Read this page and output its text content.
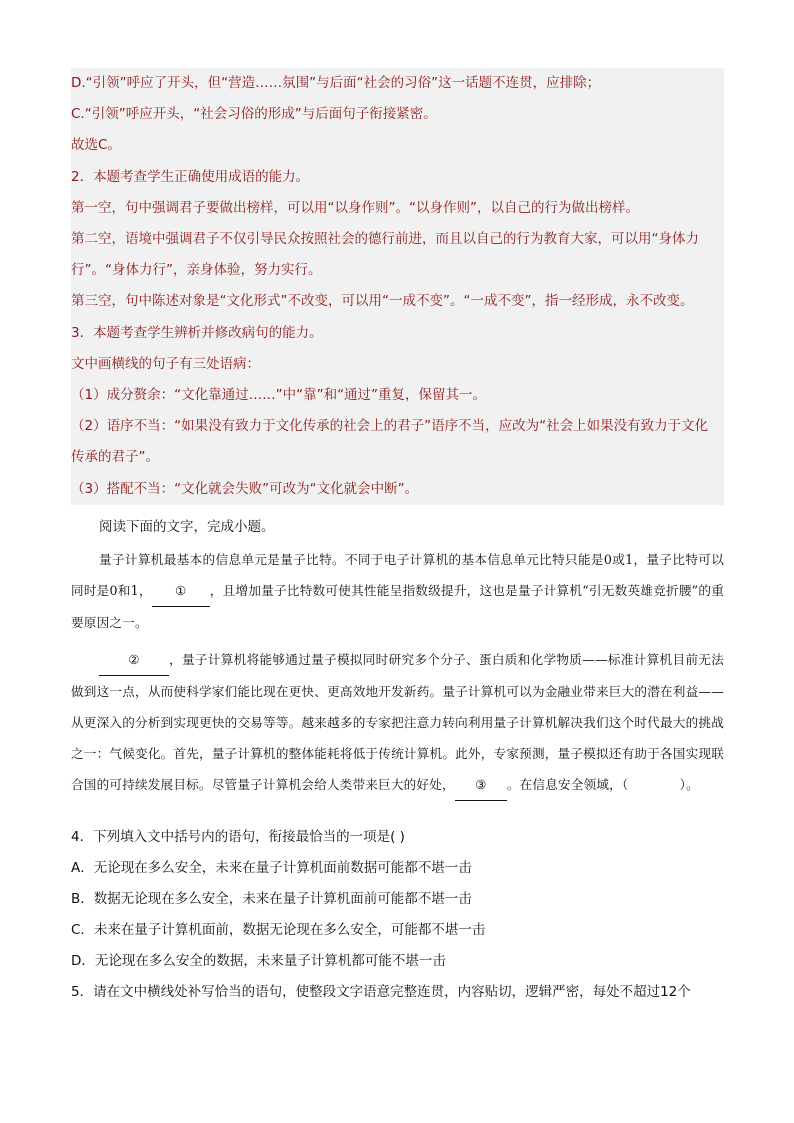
D.“引领”呼应了开头，但“营造……氛围”与后面“社会的习俗”这一话题不连贯，应排除；
C.“引领”呼应开头，“社会习俗的形成”与后面句子衔接紧密。
故选C。
2．本题考查学生正确使用成语的能力。
第一空，句中强调君子要做出榜样，可以用“以身作则”。“以身作则”，以自己的行为做出榜样。
第二空，语境中强调君子不仅引导民众按照社会的德行前进，而且以自己的行为教育大家，可以用“身体力
行”。“身体力行”，亲身体验，努力实行。
第三空，句中陈述对象是“文化形式”不改变，可以用“一成不变”。“一成不变”，指一经形成，永不改变。
3．本题考查学生辨析并修改病句的能力。
文中画横线的句子有三处语病：
（1）成分赘余：“文化靠通过……”中“靠”和“通过”重复，保留其一。
（2）语序不当：“如果没有致力于文化传承的社会上的君子”语序不当，应改为“社会上如果没有致力于文化
传承的君子”。
（3）搭配不当：“文化就会失败”可改为“文化就会中断”。
阅读下面的文字，完成小题。
量子计算机最基本的信息单元是量子比特。不同于电子计算机的基本信息单元比特只能是0或1，量子比特可以同时是0和1， ① ，且增加量子比特数可使其性能呈指数级提升，这也是量子计算机“引无数英雄竞折腰”的重要原因之一。
② ，量子计算机将能够通过量子模拟同时研究多个分子、蛋白质和化学物质——标准计算机目前无法做到这一点，从而使科学家们能比现在更快、更高效地开发新药。量子计算机可以为金融业带来巨大的潜在利益——从更深入的分析到实现更快的交易等等。越来越多的专家把注意力转向利用量子计算机解决我们这个时代最大的挑战之一：气候变化。首先，量子计算机的整体能耗将低于传统计算机。此外，专家预测，量子模拟还有助于各国实现联合国的可持续发展目标。尽管量子计算机会给人类带来巨大的好处， ③ 。在信息安全领域，（　　　　）。
4．下列填入文中括号内的语句，衔接最恰当的一项是( )
A．无论现在多么安全，未来在量子计算机面前数据可能都不堪一击
B．数据无论现在多么安全，未来在量子计算机面前可能都不堪一击
C．未来在量子计算机面前，数据无论现在多么安全，可能都不堪一击
D．无论现在多么安全的数据，未来量子计算机都可能不堪一击
5．请在文中横线处补写恰当的语句，使整段文字语意完整连贯，内容贴切，逻辑严密，每处不超过12个
